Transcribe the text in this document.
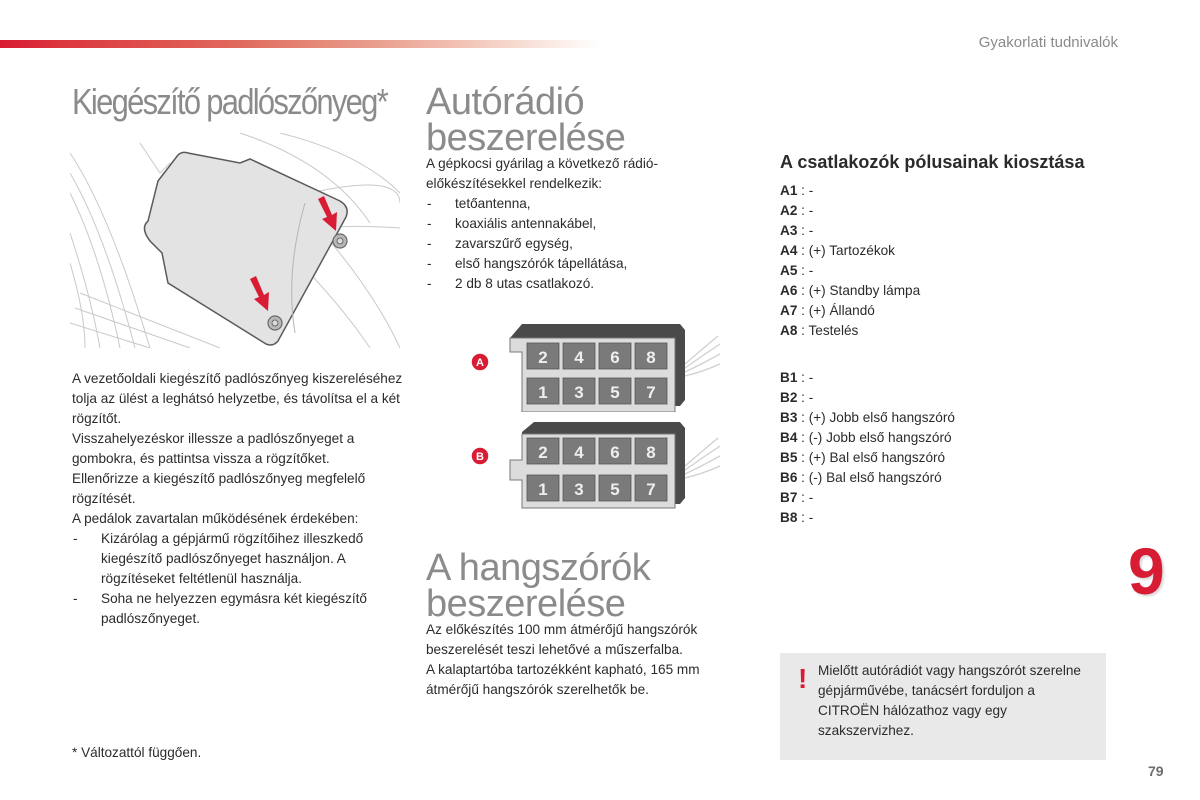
Gyakorlati tudnivalók
Kiegészítő padlószőnyeg*

A vezetőoldali kiegészítő padlószőnyeg kiszereléséhez tolja az ülést a leghátsó helyzetbe, és távolítsa el a két rögzítőt.

Visszahelyezéskor illessze a padlószőnyeget a gombokra, és pattintsa vissza a rögzítőket.

Ellenőrizze a kiegészítő padlószőnyeg megfelelő rögzítését.

A pedálok zavartalan működésének érdekében:

- Kizárólag a gépjármű rögzítőihez illeszkedő kiegészítő padlószőnyeget használjon. A rögzítéseket feltétlenül használja.
- Soha ne helyezzen egymásra két kiegészítő padlószőnyeget.
* Változattól függően.
Autórádió
beszerelése

A gépkocsi gyárilag a következő rádió-előkészítésekkel rendelkezik:

- tetőantenna,
- koaxiális antennakábel,
- zavarszűrő egység,
- első hangszórók tápellátása,
- 2 db 8 utas csatlakozó.
A	2 4 6 8
1 3 5 7
B	2 4 6 8
1 3 5 7
A hangszórók
beszerelése

Az előkészítés 100 mm átmérőjű hangszórók beszerelését teszi lehetővé a műszerfalba.

A kalaptartóba tartozékként kapható, 165 mm átmérőjű hangszórók szerelhetők be.

A csatlakozók pólusainak kiosztása
A1 : -
A2 : -
A3 : -
A4 : (+) Tartozékok
A5 : -
A6 : (+) Standby lámpa
A7 : (+) Állandó
A8 : Testelés
B1 : -
B2 : -
B3 : (+) Jobb első hangszóró
B4 : (-) Jobb első hangszóró
B5 : (+) Bal első hangszóró
B6 : (-) Bal első hangszóró
B7 : -
B8 : -
9
! Mielőtt autórádiót vagy hangszórót szerelne gépjárművébe, tanácsért forduljon a CITROËN hálózathoz vagy egy szakszervizhez.
79
